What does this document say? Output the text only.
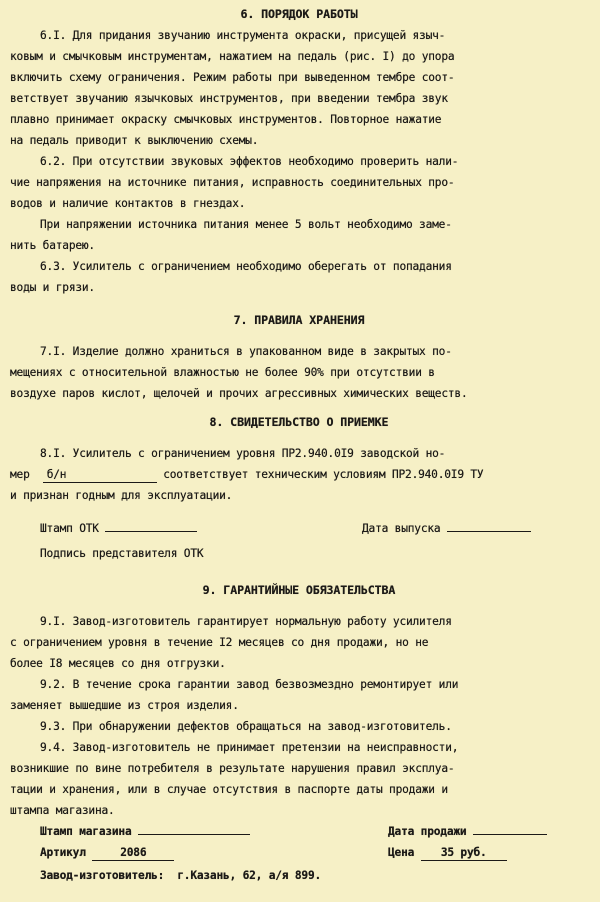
6. ПОРЯДОК РАБОТЫ
6.I. Для придания звучанию инструмента окраски, присущей языч-
ковым и смычковым инструментам, нажатием на педаль (рис. I) до упора
включить схему ограничения. Режим работы при выведенном тембре соот-
ветствует звучанию язычковых инструментов, при введении тембра звук
плавно принимает окраску смычковых инструментов. Повторное нажатие
на педаль приводит к выключению схемы.
6.2. При отсутствии звуковых эффектов необходимо проверить нали-
чие напряжения на источнике питания, исправность соединительных про-
водов и наличие контактов в гнездах.
При напряжении источника питания менее 5 вольт необходимо заме-
нить батарею.
6.3. Усилитель с ограничением необходимо оберегать от попадания
воды и грязи.
7. ПРАВИЛА ХРАНЕНИЯ
7.I. Изделие должно храниться в упакованном виде в закрытых по-
мещениях с относительной влажностью не более 90% при отсутствии в
воздухе паров кислот, щелочей и прочих агрессивных химических веществ.
8. СВИДЕТЕЛЬСТВО О ПРИЕМКЕ
8.I. Усилитель с ограничением уровня ПР2.940.0I9 заводской но-
мер  б/н	соответствует техническим условиям ПР2.940.0I9 ТУ
и признан годным для эксплуатации.
Штамп ОТК	Дата выпуска
Подпись представителя ОТК
9. ГАРАНТИЙНЫЕ ОБЯЗАТЕЛЬСТВА
9.I. Завод-изготовитель гарантирует нормальную работу усилителя
с ограничением уровня в течение I2 месяцев со дня продажи, но не
более I8 месяцев со дня отгрузки.
9.2. В течение срока гарантии завод безвозмездно ремонтирует или
заменяет вышедшие из строя изделия.
9.3. При обнаружении дефектов обращаться на завод-изготовитель.
9.4. Завод-изготовитель не принимает претензии на неисправности,
возникшие по вине потребителя в результате нарушения правил эксплуа-
тации и хранения, или в случае отсутствия в паспорте даты продажи и
штампа магазина.
Штамп магазина	Дата продажи
Артикул	2086	Цена 35 руб.
Завод-изготовитель:  г.Казань, 62, а/я 899.
